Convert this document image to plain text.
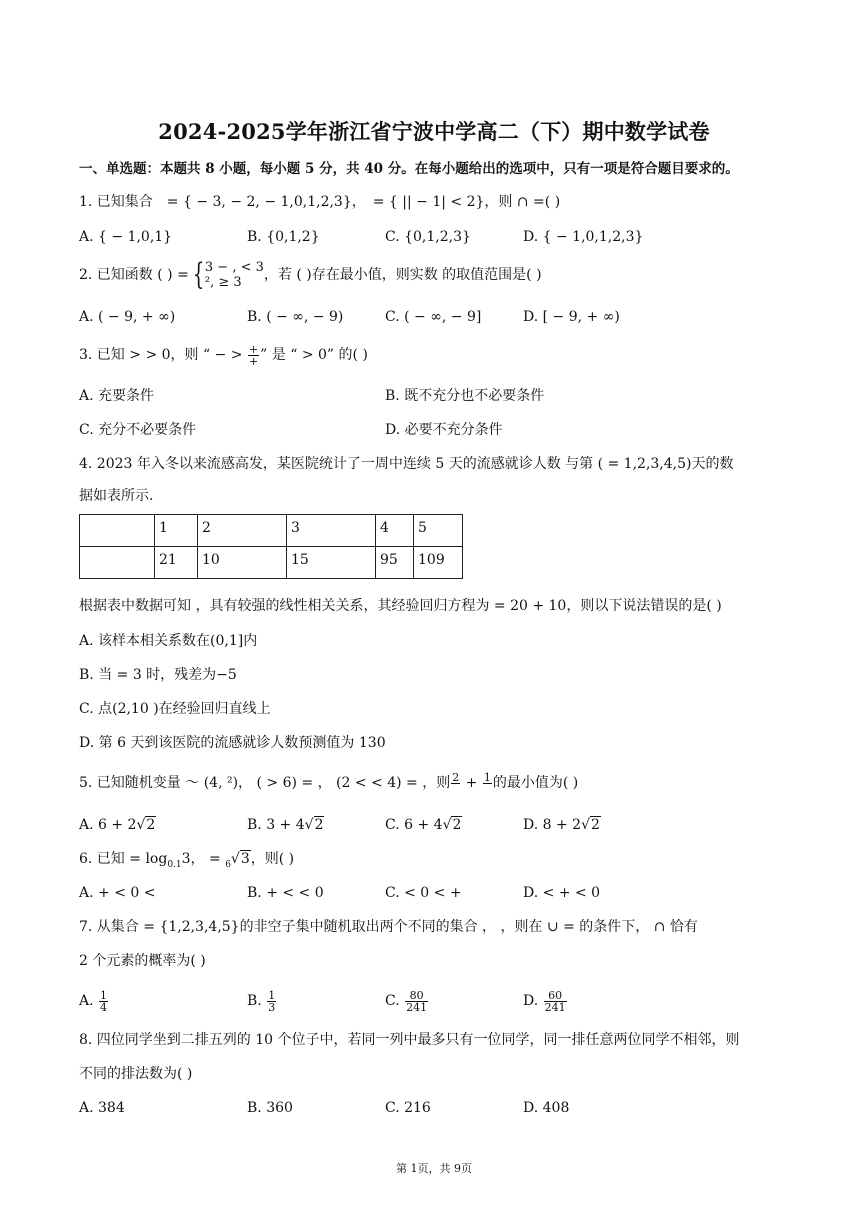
2024-2025学年浙江省宁波中学高二（下）期中数学试卷
一、单选题：本题共 8 小题，每小题 5 分，共 40 分。在每小题给出的选项中，只有一项是符合题目要求的。
1. 已知集合　= { − 3, − 2, − 1,0,1,2,3}，　= { || − 1| < 2}，则 ∩ =( )
A. { − 1,0,1}	B. {0,1,2}	C. {0,1,2,3}	D. { − 1,0,1,2,3}
2. 已知函数 ( ) = { 3 − , < 3
², ≥ 3	，若 ( )存在最小值，则实数 的取值范围是( )
A. ( − 9, + ∞)	B. ( − ∞, − 9)	C. ( − ∞, − 9]	D. [ − 9, + ∞)
3. 已知 > > 0，则 “ − > $\frac{+}{+}$ ” 是 “ > 0” 的( )
A. 充要条件	B. 既不充分也不必要条件
C. 充分不必要条件	D. 必要不充分条件
4. 2023 年入冬以来流感高发，某医院统计了一周中连续 5 天的流感就诊人数 与第 ( = 1,2,3,4,5)天的数
据如表所示.
	1	2	3	4	5
	21	10	15	95	109
根据表中数据可知 ，具有较强的线性相关关系，其经验回归方程为 = 20 + 10，则以下说法错误的是( )
A. 该样本相关系数在(0,1]内
B. 当 = 3 时，残差为−5
C. 点(2,10 )在经验回归直线上
D. 第 6 天到该医院的流感就诊人数预测值为 130
5. 已知随机变量 ～ (4, ²)， ( > 6) = ， (2 < < 4) = ，则 2
+ 1
的最小值为( )
A. 6 + 2√2	B. 3 + 4√2	C. 6 + 4√2	D. 8 + 2√2
6. 已知 = $\log_{0.1}3$， = $_6$√3，则( )
A. + < 0 <	B. + < < 0	C. < 0 < +	D. < + < 0
7. 从集合 = {1,2,3,4,5}的非空子集中随机取出两个不同的集合 ， ，则在 ∪ = 的条件下， ∩ 恰有
2 个元素的概率为( )
A. $\frac{1}{4}$	B. $\frac{1}{3}$	C. $\frac{80}{241}$	D. $\frac{60}{241}$
8. 四位同学坐到二排五列的 10 个位子中，若同一列中最多只有一位同学，同一排任意两位同学不相邻，则
不同的排法数为( )
A. 384	B. 360	C. 216	D. 408
第 1页，共 9页
